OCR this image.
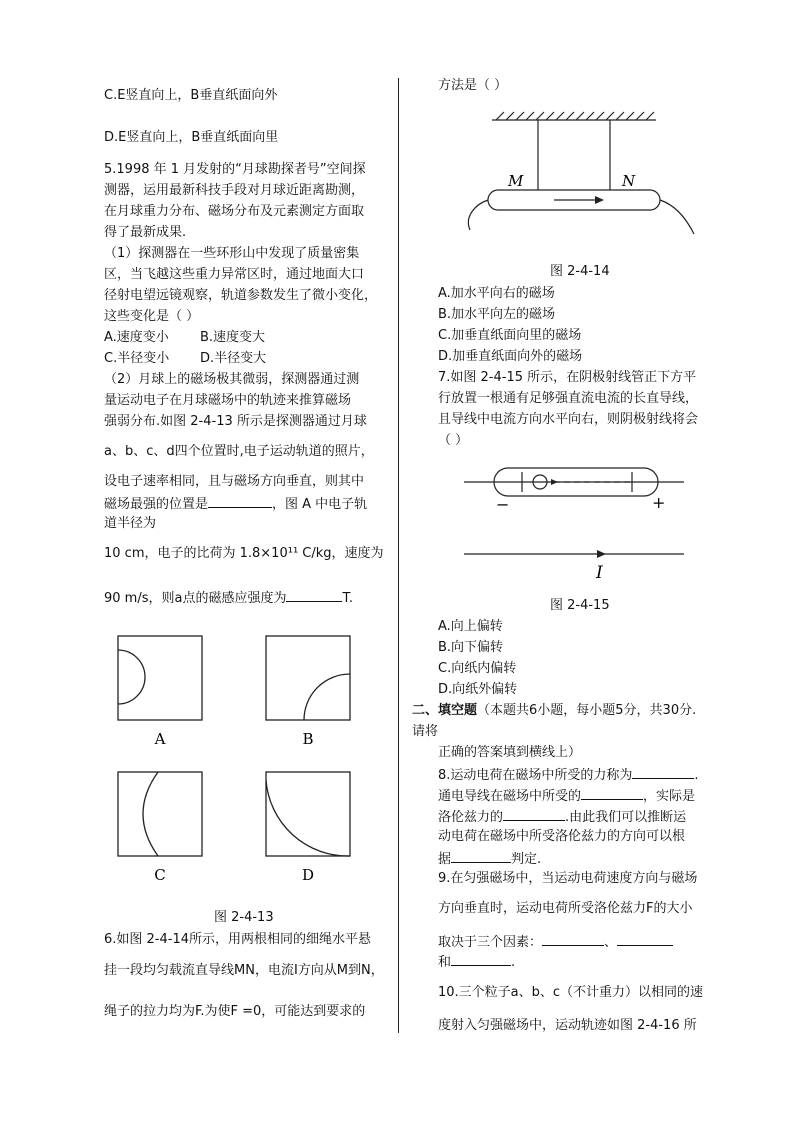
C.E竖直向上，B垂直纸面向外
D.E竖直向上，B垂直纸面向里
5.1998 年 1 月发射的“月球勘探者号”空间探
测器，运用最新科技手段对月球近距离勘测，
在月球重力分布、磁场分布及元素测定方面取
得了最新成果.
（1）探测器在一些环形山中发现了质量密集
区，当飞越这些重力异常区时，通过地面大口
径射电望远镜观察，轨道参数发生了微小变化，
这些变化是（ ）
A.速度变小 B.速度变大
C.半径变小 D.半径变大
（2）月球上的磁场极其微弱，探测器通过测
量运动电子在月球磁场中的轨迹来推算磁场
强弱分布.如图 2-4-13 所示是探测器通过月球
a、b、c、d四个位置时,电子运动轨道的照片，
设电子速率相同，且与磁场方向垂直，则其中
磁场最强的位置是	，图 A 中电子轨
道半径为
10 cm，电子的比荷为 1.8×10¹¹ C/kg，速度为
90 m/s，则a点的磁感应强度为	T.
A	B
C	D
图 2-4-13
6.如图 2-4-14所示，用两根相同的细绳水平悬
挂一段均匀载流直导线MN，电流I方向从M到N，
绳子的拉力均为F.为使F =0，可能达到要求的
方法是（ ）
M	N
图 2-4-14
A.加水平向右的磁场
B.加水平向左的磁场
C.加垂直纸面向里的磁场
D.加垂直纸面向外的磁场
7.如图 2-4-15 所示，在阴极射线管正下方平
行放置一根通有足够强直流电流的长直导线，
且导线中电流方向水平向右，则阴极射线将会
（ ）
−	+
I
图 2-4-15
A.向上偏转
B.向下偏转
C.向纸内偏转
D.向纸外偏转
二、填空题（本题共6小题，每小题5分，共30分.
请将
正确的答案填到横线上）
8.运动电荷在磁场中所受的力称为	.
通电导线在磁场中所受的	，实际是
洛伦兹力的	.由此我们可以推断运
动电荷在磁场中所受洛伦兹力的方向可以根
据	判定.
9.在匀强磁场中，当运动电荷速度方向与磁场
方向垂直时，运动电荷所受洛伦兹力F的大小
取决于三个因素：	、
和	.
10.三个粒子a、b、c（不计重力）以相同的速
度射入匀强磁场中，运动轨迹如图 2-4-16 所
